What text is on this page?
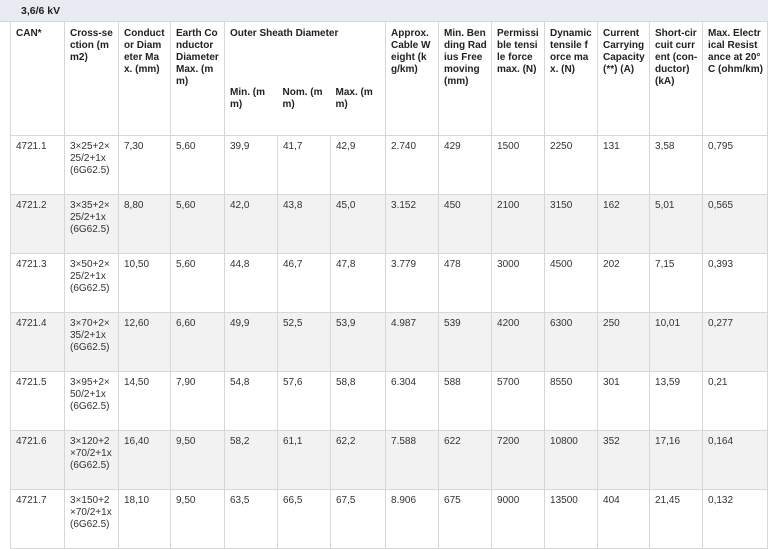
3,6/6 kV
CAN*	Cross-section (mm2)	Conductor Diameter Max. (mm)	Earth Conductor Diameter Max. (mm)	Outer Sheath Diameter			Approx. Cable Weight (kg/km)	Min. Bending Radius Free moving (mm)	Permissible tensile force max. (N)	Dynamic tensile force max. (N)	Current Carrying Capacity (**) (A)	Short-circuit current (con-ductor) (kA)	Max. Electrical Resistance at 20°C (ohm/km)
				Min. (mm)	Nom. (mm)	Max. (mm)							
4721.1	3×25+2×25/2+1x(6G62.5)	7,30	5,60	39,9	41,7	42,9	2.740	429	1500	2250	131	3,58	0,795
4721.2	3×35+2×25/2+1x(6G62.5)	8,80	5,60	42,0	43,8	45,0	3.152	450	2100	3150	162	5,01	0,565
4721.3	3×50+2×25/2+1x(6G62.5)	10,50	5,60	44,8	46,7	47,8	3.779	478	3000	4500	202	7,15	0,393
4721.4	3×70+2×35/2+1x(6G62.5)	12,60	6,60	49,9	52,5	53,9	4.987	539	4200	6300	250	10,01	0,277
4721.5	3×95+2×50/2+1x(6G62.5)	14,50	7,90	54,8	57,6	58,8	6.304	588	5700	8550	301	13,59	0,21
4721.6	3×120+2×70/2+1x(6G62.5)	16,40	9,50	58,2	61,1	62,2	7.588	622	7200	10800	352	17,16	0,164
4721.7	3×150+2×70/2+1x(6G62.5)	18,10	9,50	63,5	66,5	67,5	8.906	675	9000	13500	404	21,45	0,132
